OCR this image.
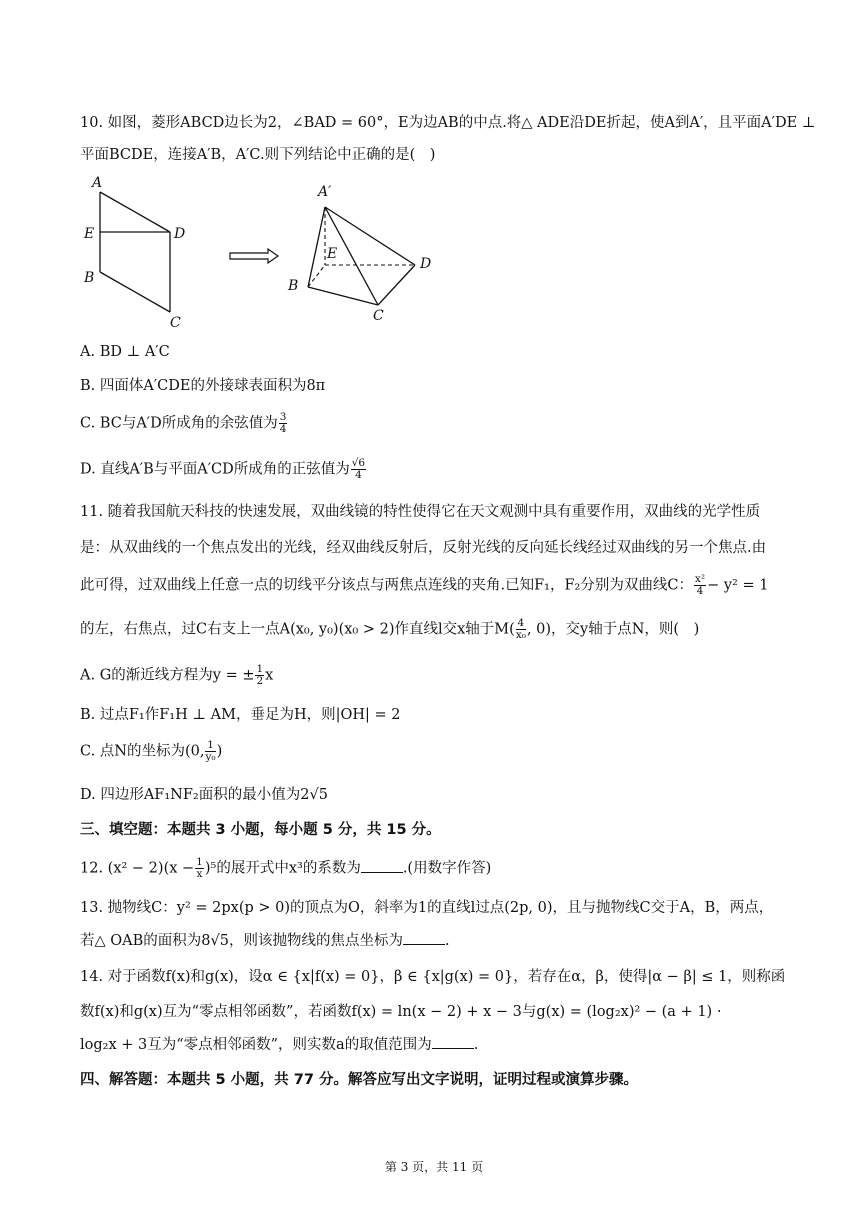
10. 如图，菱形ABCD边长为2，∠BAD = 60°，E为边AB的中点.将△ ADE沿DE折起，使A到A′，且平面A′DE ⊥
平面BCDE，连接A′B，A′C.则下列结论中正确的是(　)
A
E	D
B
C
A′
E
D
B
C
A. BD ⊥ A′C
B. 四面体A′CDE的外接球表面积为8π
C. BC与A′D所成角的余弦值为 $\frac{3}{4}$
D. 直线A′B与平面A′CD所成角的正弦值为 $\frac{√6}{4}$
11. 随着我国航天科技的快速发展，双曲线镜的特性使得它在天文观测中具有重要作用，双曲线的光学性质
是：从双曲线的一个焦点发出的光线，经双曲线反射后，反射光线的反向延长线经过双曲线的另一个焦点.由
此可得，过双曲线上任意一点的切线平分该点与两焦点连线的夹角.已知F₁，F₂分别为双曲线C： $\frac{\text{x²}}{4} - y^2 = 1$
的左，右焦点，过C右支上一点A(x₀, y₀)(x₀ > 2)作直线l交x轴于$M( \frac{4}{\text{x₀}}$ , 0)，交y轴于点N，则(　)
A. G的渐近线方程为y = ± $\frac{1}{2}$ x
B. 过点F₁作F₁H ⊥ AM，垂足为H，则|OH| = 2
C. 点N的坐标为(0, $\frac{1}{\text{y₀}}$ )
D. 四边形AF₁NF₂面积的最小值为2√5
三、填空题：本题共 3 小题，每小题 5 分，共 15 分。
12. $(x^2 - 2)(x - \frac{1}{x} )^5$的展开式中x³的系数为	.(用数字作答)
13. 抛物线C：y² = 2px(p > 0)的顶点为O，斜率为1的直线l过点(2p, 0)，且与抛物线C交于A，B，两点，
若△ OAB的面积为8√5，则该抛物线的焦点坐标为	.
14. 对于函数f(x)和g(x)，设α ∈ {x|f(x) = 0}，β ∈ {x|g(x) = 0}，若存在α，β，使得|α − β| ≤ 1，则称函
数f(x)和g(x)互为“零点相邻函数”，若函数f(x) = ln(x − 2) + x − 3与g(x) = (log₂x)² − (a + 1) ·
log₂x + 3互为“零点相邻函数”，则实数a的取值范围为	.
四、解答题：本题共 5 小题，共 77 分。解答应写出文字说明，证明过程或演算步骤。
第 3 页，共 11 页
